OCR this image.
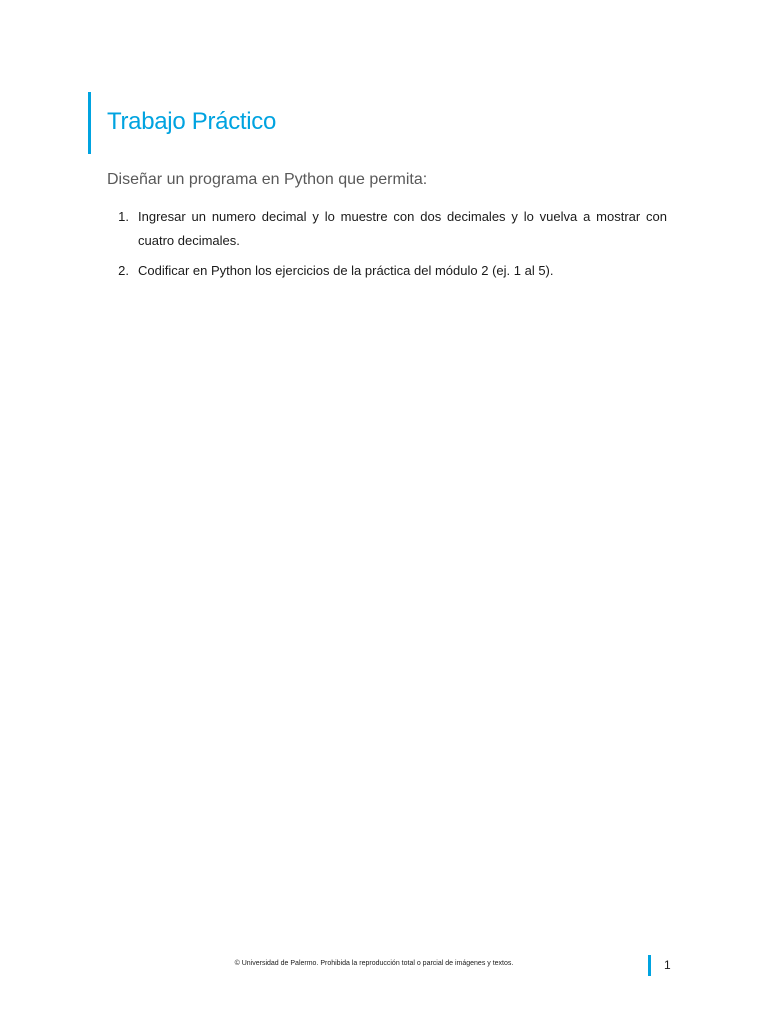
Trabajo Práctico
Diseñar un programa en Python que permita:
1. Ingresar un numero decimal y lo muestre con dos decimales y lo vuelva a mostrar con cuatro decimales.
2. Codificar en Python los ejercicios de la práctica del módulo 2 (ej. 1 al 5).
© Universidad de Palermo. Prohibida la reproducción total o parcial de imágenes y textos.	1
